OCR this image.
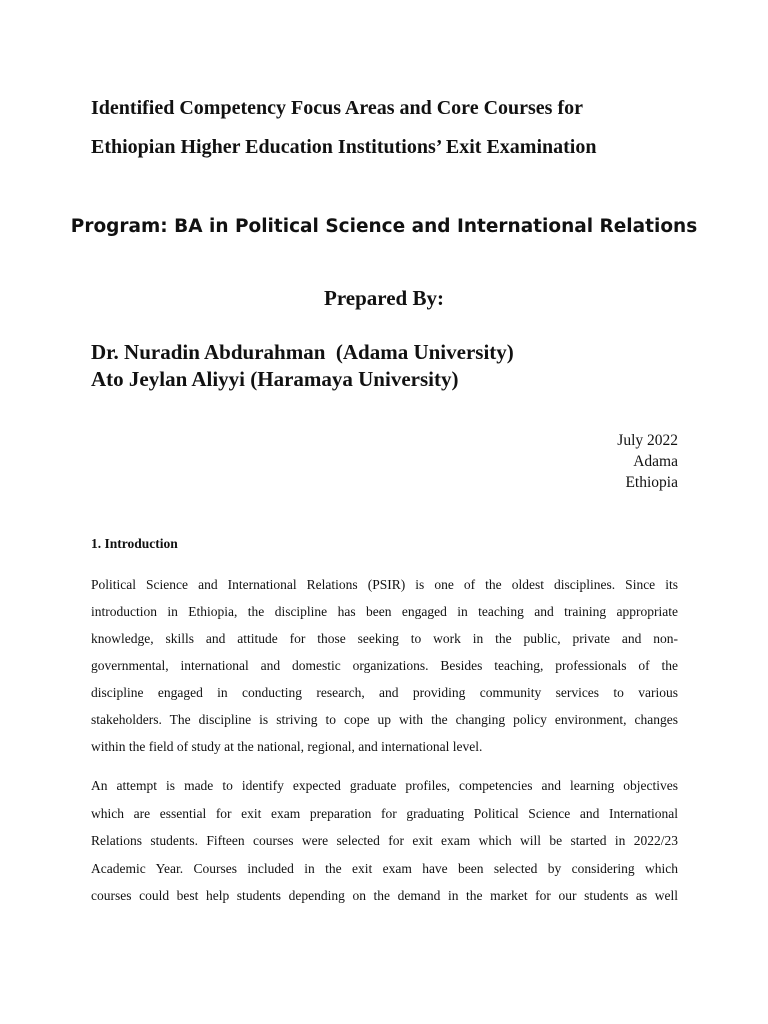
Identified Competency Focus Areas and Core Courses for
Ethiopian Higher Education Institutions’ Exit Examination
Program: BA in Political Science and International Relations
Prepared By:
Dr. Nuradin Abdurahman  (Adama University)
Ato Jeylan Aliyyi (Haramaya University)
July 2022
Adama
Ethiopia
1. Introduction
Political Science and International Relations (PSIR) is one of the oldest disciplines. Since its
introduction in Ethiopia, the discipline has been engaged in teaching and training appropriate
knowledge, skills and attitude for those seeking to work in the public, private and non-
governmental, international and domestic organizations. Besides teaching, professionals of the
discipline engaged in conducting research, and providing community services to various
stakeholders. The discipline is striving to cope up with the changing policy environment, changes
within the field of study at the national, regional, and international level.
An attempt is made to identify expected graduate profiles, competencies and learning objectives
which are essential for exit exam preparation for graduating Political Science and International
Relations students. Fifteen courses were selected for exit exam which will be started in 2022/23
Academic Year. Courses included in the exit exam have been selected by considering which
courses could best help students depending on the demand in the market for our students as well
